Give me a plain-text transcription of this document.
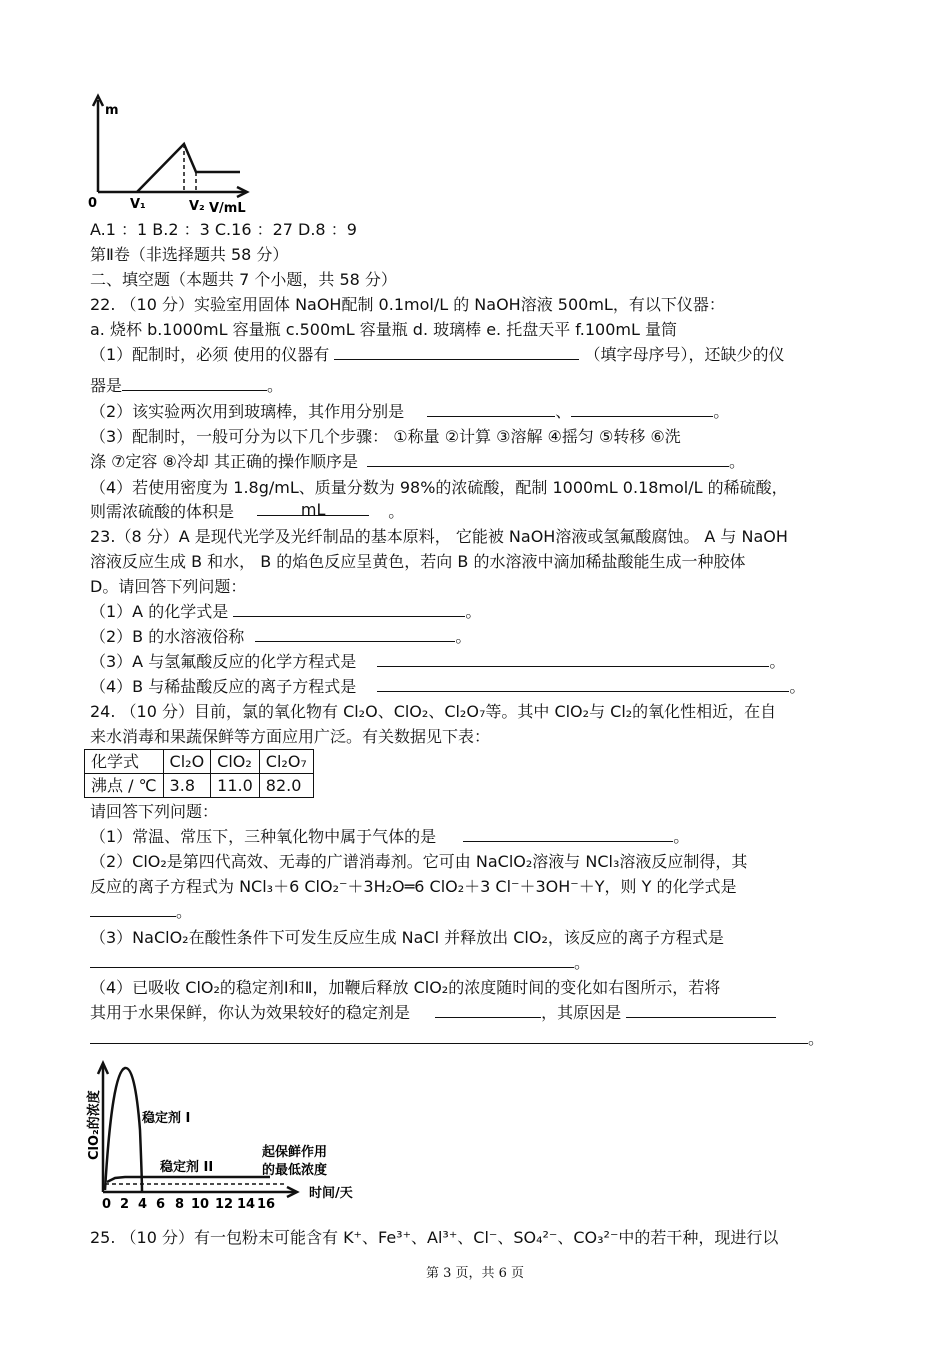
m
0	V₁	V₂ V/mL
A.1 ：1 B.2 ：3 C.16 ：27 D.8 ：9
第Ⅱ卷（非选择题共 58 分）
二、填空题（本题共 7 个小题，共 58 分）
22. （10 分）实验室用固体 NaOH配制 0.1mol/L 的 NaOH溶液 500mL，有以下仪器：
a. 烧杯 b.1000mL 容量瓶 c.500mL 容量瓶 d. 玻璃棒 e. 托盘天平 f.100mL 量筒
（1）配制时，必须 使用的仪器有	（填字母序号），还缺少的仪
器是	。
（2）该实验两次用到玻璃棒，其作用分别是	、	。
（3）配制时，一般可分为以下几个步骤： ①称量 ②计算 ③溶解 ④摇匀 ⑤转移 ⑥洗
涤 ⑦定容 ⑧冷却 其正确的操作顺序是	。
（4）若使用密度为 1.8g/mL、质量分数为 98%的浓硫酸，配制 1000mL 0.18mol/L 的稀硫酸，
则需浓硫酸的体积是	mL	。
23.（8 分）A 是现代光学及光纤制品的基本原料， 它能被 NaOH溶液或氢氟酸腐蚀。 A 与 NaOH
溶液反应生成 B 和水， B 的焰色反应呈黄色，若向 B 的水溶液中滴加稀盐酸能生成一种胶体
D。请回答下列问题：
（1）A 的化学式是	。
（2）B 的水溶液俗称	。
（3）A 与氢氟酸反应的化学方程式是	。
（4）B 与稀盐酸反应的离子方程式是	。
24. （10 分）目前，氯的氧化物有 Cl₂O、ClO₂、Cl₂O₇等。其中 ClO₂与 Cl₂的氧化性相近，在自
来水消毒和果蔬保鲜等方面应用广泛。有关数据见下表：
化学式	Cl₂O	ClO₂	Cl₂O₇
沸点 / ℃	3.8	11.0	82.0
请回答下列问题：
（1）常温、常压下，三种氧化物中属于气体的是	。
（2）ClO₂是第四代高效、无毒的广谱消毒剂。它可由 NaClO₂溶液与 NCl₃溶液反应制得，其
反应的离子方程式为 NCl₃＋6 ClO₂⁻＋3H₂O═6 ClO₂＋3 Cl⁻＋3OH⁻＋Y，则 Y 的化学式是
。
（3）NaClO₂在酸性条件下可发生反应生成 NaCl 并释放出 ClO₂，该反应的离子方程式是
。
（4）已吸收 ClO₂的稳定剂Ⅰ和Ⅱ，加鞭后释放 ClO₂的浓度随时间的变化如右图所示，若将
其用于水果保鲜，你认为效果较好的稳定剂是	，其原因是
。
ClO₂的浓度	稳定剂 I
稳定剂 II
起保鲜作用
的最低浓度
时间/天
0 2 4 6 8 10 12 14 16
25. （10 分）有一包粉末可能含有 K⁺、Fe³⁺、Al³⁺、Cl⁻、SO₄²⁻、CO₃²⁻中的若干种，现进行以
第 3 页，共 6 页
